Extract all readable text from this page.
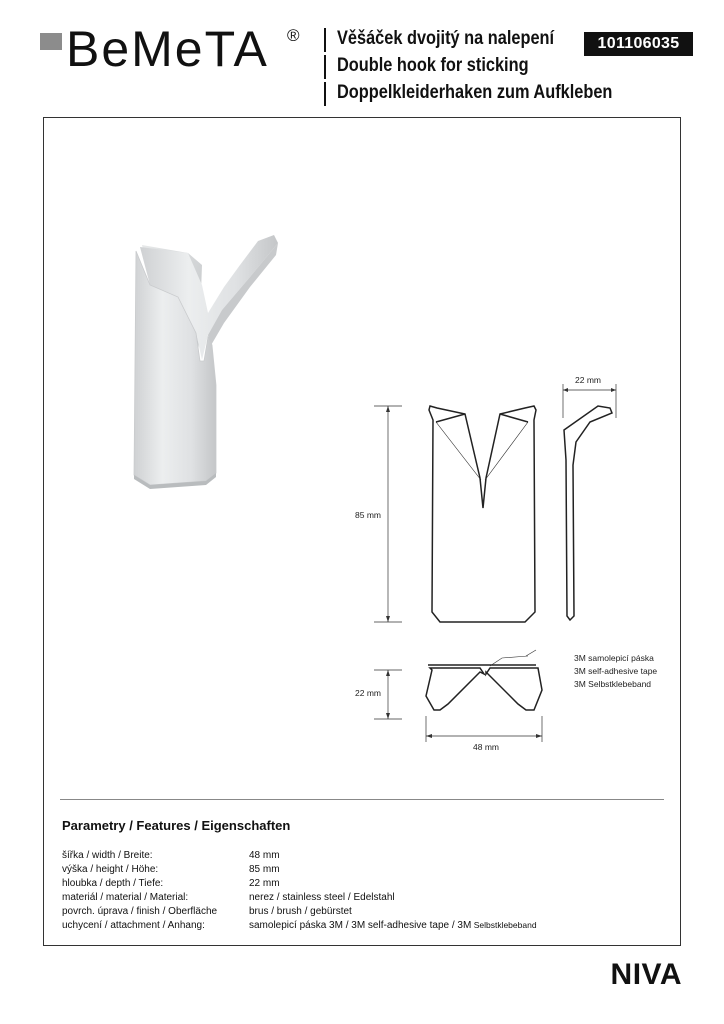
BeMeTA ® Věšáček dvojitý na nalepení
Double hook for sticking
Doppelkleiderhaken zum Aufkleben
101106035
22 mm
85 mm
22 mm
48 mm
3M samolepicí páska
3M self-adhesive tape
3M Selbstklebeband
Parametry / Features / Eigenschaften
šířka / width / Breite:	48 mm
výška / height / Höhe:	85 mm
hloubka / depth / Tiefe:	22 mm
materiál / material / Material:	nerez / stainless steel / Edelstahl
povrch. úprava / finish / Oberfläche	brus / brush / gebürstet
uchycení / attachment / Anhang:	samolepicí páska 3M / 3M self-adhesive tape / 3M Selbstklebeband
NIVA
